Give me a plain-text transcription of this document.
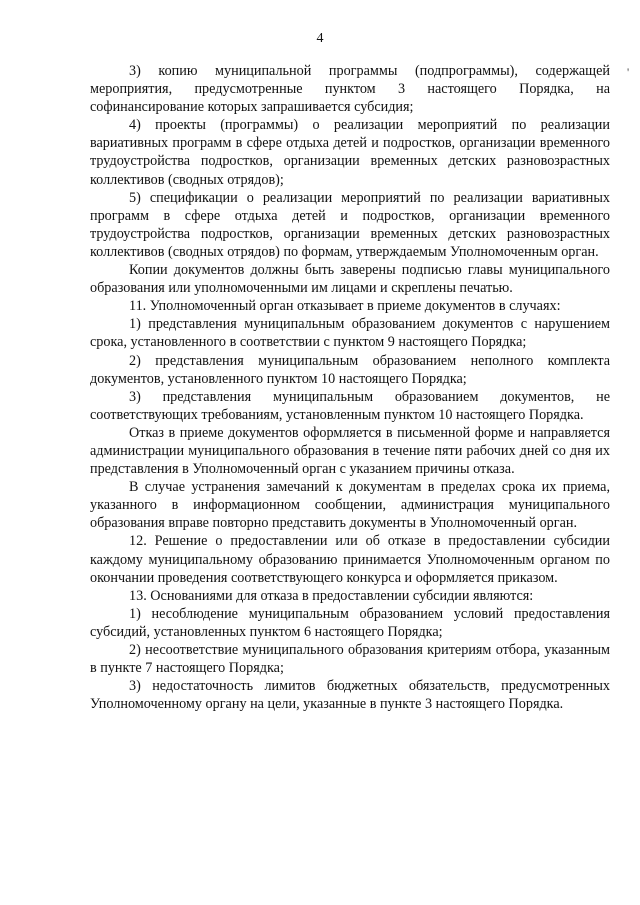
4
'

3) копию муниципальной программы (подпрограммы), содержащей мероприятия, предусмотренные пунктом 3 настоящего Порядка, на софинансирование которых запрашивается субсидия;

4) проекты (программы) о реализации мероприятий по реализации вариативных программ в сфере отдыха детей и подростков, организации временного трудоустройства подростков, организации временных детских разновозрастных коллективов (сводных отрядов);

5) спецификации о реализации мероприятий по реализации вариативных программ в сфере отдыха детей и подростков, организации временного трудоустройства подростков, организации временных детских разновозрастных коллективов (сводных отрядов) по формам, утверждаемым Уполномоченным орган.

Копии документов должны быть заверены подписью главы муниципального образования или уполномоченными им лицами и скреплены печатью.

11. Уполномоченный орган отказывает в приеме документов в случаях:

1) представления муниципальным образованием документов с нарушением срока, установленного в соответствии с пунктом 9 настоящего Порядка;

2) представления муниципальным образованием неполного комплекта документов, установленного пунктом 10 настоящего Порядка;

3) представления муниципальным образованием документов, не соответствующих требованиям, установленным пунктом 10 настоящего Порядка.

Отказ в приеме документов оформляется в письменной форме и направляется администрации муниципального образования в течение пяти рабочих дней со дня их представления в Уполномоченный орган с указанием причины отказа.

В случае устранения замечаний к документам в пределах срока их приема, указанного в информационном сообщении, администрация муниципального образования вправе повторно представить документы в Уполномоченный орган.

12. Решение о предоставлении или об отказе в предоставлении субсидии каждому муниципальному образованию принимается Уполномоченным органом по окончании проведения соответствующего конкурса и оформляется приказом.

13. Основаниями для отказа в предоставлении субсидии являются:

1) несоблюдение муниципальным образованием условий предоставления субсидий, установленных пунктом 6 настоящего Порядка;

2) несоответствие муниципального образования критериям отбора, указанным в пункте 7 настоящего Порядка;

3) недостаточность лимитов бюджетных обязательств, предусмотренных Уполномоченному органу на цели, указанные в пункте 3 настоящего Порядка.
